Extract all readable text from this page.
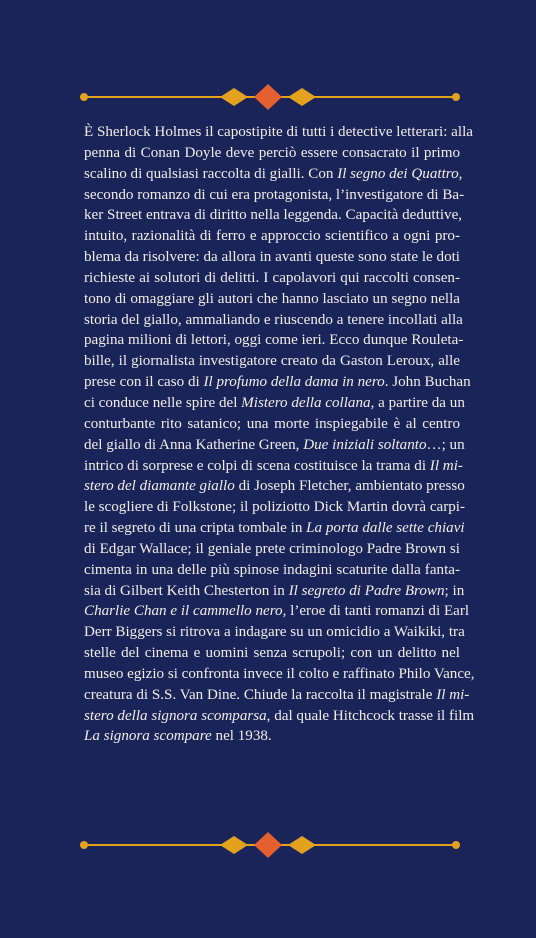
È Sherlock Holmes il capostipite di tutti i detective letterari: alla
penna di Conan Doyle deve perciò essere consacrato il primo
scalino di qualsiasi raccolta di gialli. Con Il segno dei Quattro,
secondo romanzo di cui era protagonista, l’investigatore di Ba-
ker Street entrava di diritto nella leggenda. Capacità deduttive,
intuito, razionalità di ferro e approccio scientifico a ogni pro-
blema da risolvere: da allora in avanti queste sono state le doti
richieste ai solutori di delitti. I capolavori qui raccolti consen-
tono di omaggiare gli autori che hanno lasciato un segno nella
storia del giallo, ammaliando e riuscendo a tenere incollati alla
pagina milioni di lettori, oggi come ieri. Ecco dunque Rouleta-
bille, il giornalista investigatore creato da Gaston Leroux, alle
prese con il caso di Il profumo della dama in nero. John Buchan
ci conduce nelle spire del Mistero della collana, a partire da un
conturbante rito satanico; una morte inspiegabile è al centro
del giallo di Anna Katherine Green, Due iniziali soltanto…; un
intrico di sorprese e colpi di scena costituisce la trama di Il mi-
stero del diamante giallo di Joseph Fletcher, ambientato presso
le scogliere di Folkstone; il poliziotto Dick Martin dovrà carpi-
re il segreto di una cripta tombale in La porta dalle sette chiavi
di Edgar Wallace; il geniale prete criminologo Padre Brown si
cimenta in una delle più spinose indagini scaturite dalla fanta-
sia di Gilbert Keith Chesterton in Il segreto di Padre Brown; in
Charlie Chan e il cammello nero, l’eroe di tanti romanzi di Earl
Derr Biggers si ritrova a indagare su un omicidio a Waikiki, tra
stelle del cinema e uomini senza scrupoli; con un delitto nel
museo egizio si confronta invece il colto e raffinato Philo Vance,
creatura di S.S. Van Dine. Chiude la raccolta il magistrale Il mi-
stero della signora scomparsa, dal quale Hitchcock trasse il film
La signora scompare nel 1938.
